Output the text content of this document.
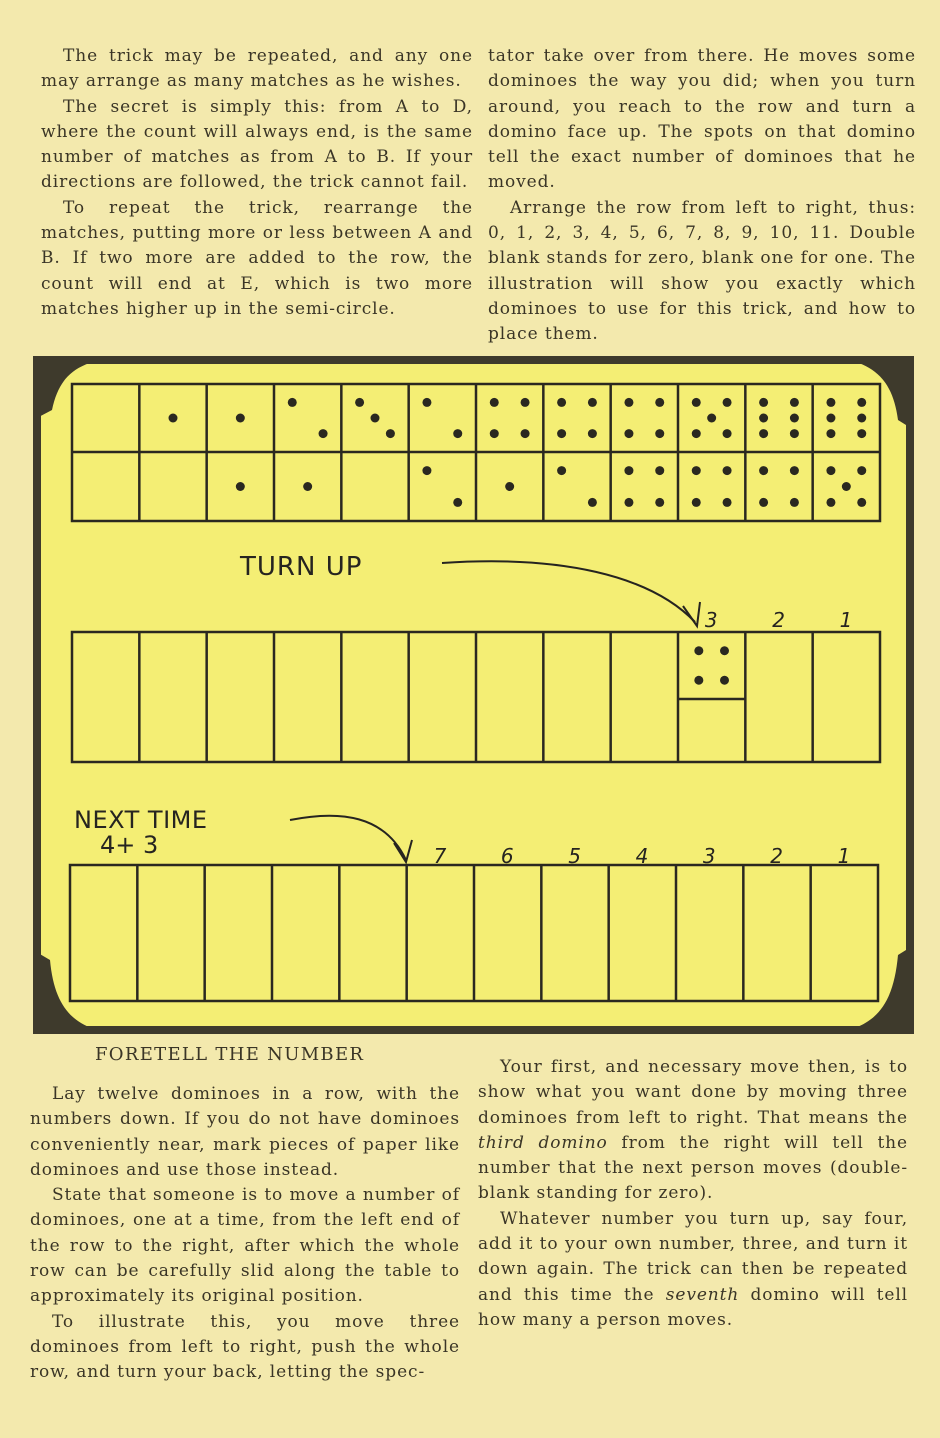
The trick may be repeated, and any one may arrange as many matches as he wishes.

The secret is simply this: from A to D, where the count will always end, is the same number of matches as from A to B. If your directions are followed, the trick cannot fail.

To repeat the trick, rearrange the matches, putting more or less between A and B. If two more are added to the row, the count will end at E, which is two more matches higher up in the semi-circle.

tator take over from there. He moves some dominoes the way you did; when you turn around, you reach to the row and turn a domino face up. The spots on that domino tell the exact number of dominoes that he moved.

Arrange the row from left to right, thus: 0, 1, 2, 3, 4, 5, 6, 7, 8, 9, 10, 11. Double blank stands for zero, blank one for one. The illustration will show you exactly which dominoes to use for this trick, and how to place them.

TURN UP
NEXT TIME
4+ 3
3	2	1
7	6	5	4	3	2	1
FORETELL THE NUMBER

Lay twelve dominoes in a row, with the numbers down. If you do not have dominoes conveniently near, mark pieces of paper like dominoes and use those instead.

State that someone is to move a number of dominoes, one at a time, from the left end of the row to the right, after which the whole row can be carefully slid along the table to approximately its original position.

To illustrate this, you move three dominoes from left to right, push the whole row, and turn your back, letting the spec-

Your first, and necessary move then, is to show what you want done by moving three dominoes from left to right. That means the third domino from the right will tell the number that the next person moves (double-blank standing for zero).

Whatever number you turn up, say four, add it to your own number, three, and turn it down again. The trick can then be repeated and this time the seventh domino will tell how many a person moves.
